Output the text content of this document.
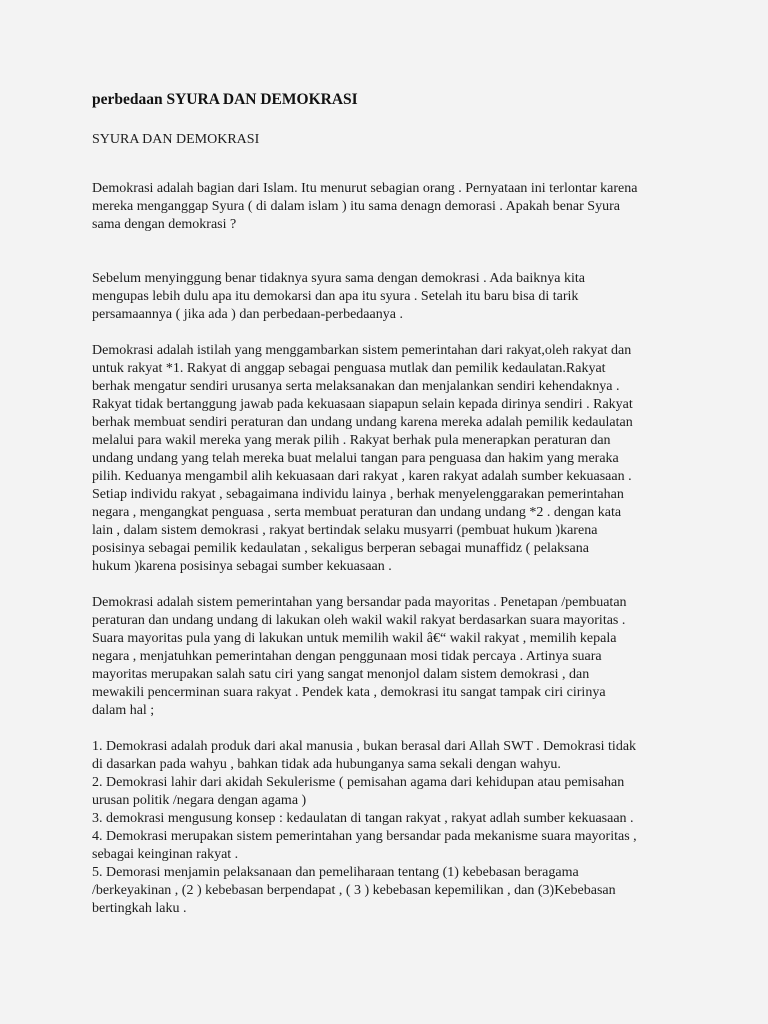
perbedaan SYURA DAN DEMOKRASI
SYURA DAN DEMOKRASI

Demokrasi adalah bagian dari Islam. Itu menurut sebagian orang . Pernyataan ini terlontar karena
mereka menganggap Syura ( di dalam islam ) itu sama denagn demorasi . Apakah benar Syura
sama dengan demokrasi ?

Sebelum menyinggung benar tidaknya syura sama dengan demokrasi . Ada baiknya kita
mengupas lebih dulu apa itu demokarsi dan apa itu syura . Setelah itu baru bisa di tarik
persamaannya ( jika ada ) dan perbedaan-perbedaanya .

Demokrasi adalah istilah yang menggambarkan sistem pemerintahan dari rakyat,oleh rakyat dan
untuk rakyat *1. Rakyat di anggap sebagai penguasa mutlak dan pemilik kedaulatan.Rakyat
berhak mengatur sendiri urusanya serta melaksanakan dan menjalankan sendiri kehendaknya .
Rakyat tidak bertanggung jawab pada kekuasaan siapapun selain kepada dirinya sendiri . Rakyat
berhak membuat sendiri peraturan dan undang undang karena mereka adalah pemilik kedaulatan
melalui para wakil mereka yang merak pilih . Rakyat berhak pula menerapkan peraturan dan
undang undang yang telah mereka buat melalui tangan para penguasa dan hakim yang meraka
pilih. Keduanya mengambil alih kekuasaan dari rakyat , karen rakyat adalah sumber kekuasaan .
Setiap individu rakyat , sebagaimana individu lainya , berhak menyelenggarakan pemerintahan
negara , mengangkat penguasa , serta membuat peraturan dan undang undang *2 . dengan kata
lain , dalam sistem demokrasi , rakyat bertindak selaku musyarri (pembuat hukum )karena
posisinya sebagai pemilik kedaulatan , sekaligus berperan sebagai munaffidz ( pelaksana
hukum )karena posisinya sebagai sumber kekuasaan .

Demokrasi adalah sistem pemerintahan yang bersandar pada mayoritas . Penetapan /pembuatan
peraturan dan undang undang di lakukan oleh wakil wakil rakyat berdasarkan suara mayoritas .
Suara mayoritas pula yang di lakukan untuk memilih wakil â€“ wakil rakyat , memilih kepala
negara , menjatuhkan pemerintahan dengan penggunaan mosi tidak percaya . Artinya suara
mayoritas merupakan salah satu ciri yang sangat menonjol dalam sistem demokrasi , dan
mewakili pencerminan suara rakyat . Pendek kata , demokrasi itu sangat tampak ciri cirinya
dalam hal ;

1. Demokrasi adalah produk dari akal manusia , bukan berasal dari Allah SWT . Demokrasi tidak
di dasarkan pada wahyu , bahkan tidak ada hubunganya sama sekali dengan wahyu.
2. Demokrasi lahir dari akidah Sekulerisme ( pemisahan agama dari kehidupan atau pemisahan
urusan politik /negara dengan agama )
3. demokrasi mengusung konsep : kedaulatan di tangan rakyat , rakyat adlah sumber kekuasaan .
4. Demokrasi merupakan sistem pemerintahan yang bersandar pada mekanisme suara mayoritas ,
sebagai keinginan rakyat .
5. Demorasi menjamin pelaksanaan dan pemeliharaan tentang (1) kebebasan beragama
/berkeyakinan , (2 ) kebebasan berpendapat , ( 3 ) kebebasan kepemilikan , dan (3)Kebebasan
bertingkah laku .
